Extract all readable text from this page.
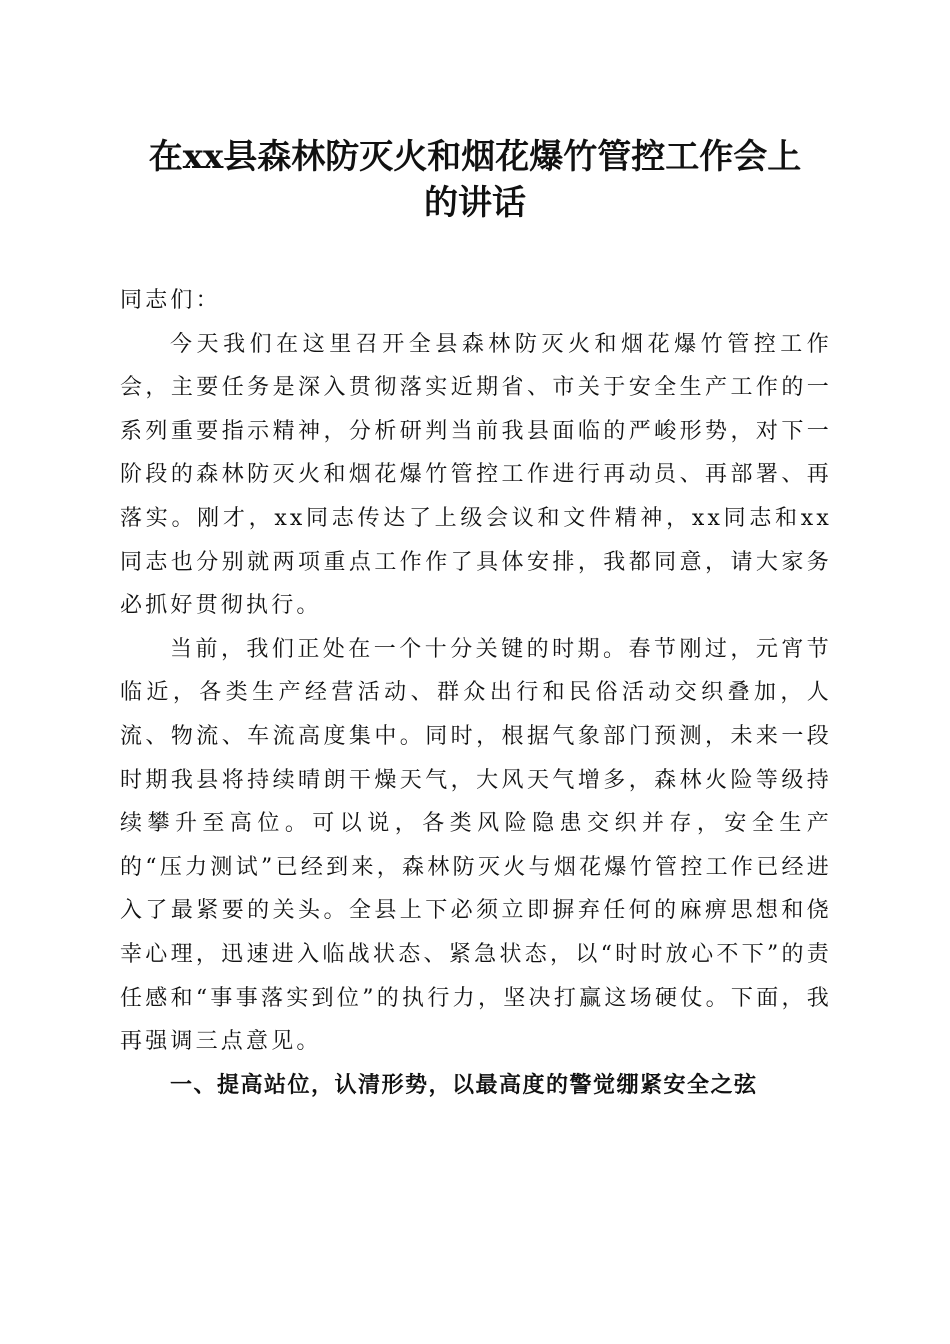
在xx县森林防灭火和烟花爆竹管控工作会上
的讲话

同志们：

今天我们在这里召开全县森林防灭火和烟花爆竹管控工作会，主要任务是深入贯彻落实近期省、市关于安全生产工作的一系列重要指示精神，分析研判当前我县面临的严峻形势，对下一阶段的森林防灭火和烟花爆竹管控工作进行再动员、再部署、再落实。刚才，xx同志传达了上级会议和文件精神，xx同志和xx同志也分别就两项重点工作作了具体安排，我都同意，请大家务必抓好贯彻执行。

当前，我们正处在一个十分关键的时期。春节刚过，元宵节临近，各类生产经营活动、群众出行和民俗活动交织叠加，人流、物流、车流高度集中。同时，根据气象部门预测，未来一段时期我县将持续晴朗干燥天气，大风天气增多，森林火险等级持续攀升至高位。可以说，各类风险隐患交织并存，安全生产的“压力测试”已经到来，森林防灭火与烟花爆竹管控工作已经进入了最紧要的关头。全县上下必须立即摒弃任何的麻痹思想和侥幸心理，迅速进入临战状态、紧急状态，以“时时放心不下”的责任感和“事事落实到位”的执行力，坚决打赢这场硬仗。下面，我再强调三点意见。

一、提高站位，认清形势，以最高度的警觉绷紧安全之弦
